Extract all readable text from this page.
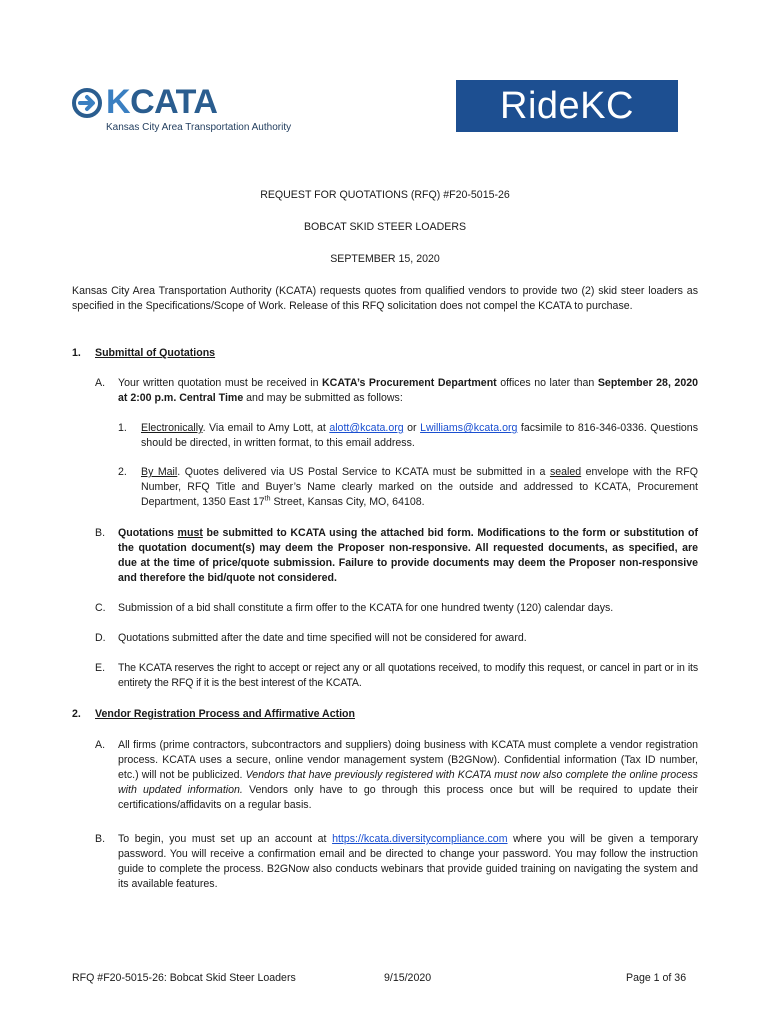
KCATA
Kansas City Area Transportation Authority
RideKC
REQUEST FOR QUOTATIONS (RFQ) #F20-5015-26
BOBCAT SKID STEER LOADERS
SEPTEMBER 15, 2020
Kansas City Area Transportation Authority (KCATA) requests quotes from qualified vendors to provide two (2) skid steer loaders as specified in the Specifications/Scope of Work. Release of this RFQ solicitation does not compel the KCATA to purchase.
1. Submittal of Quotations
A. Your written quotation must be received in KCATA’s Procurement Department offices no later than September 28, 2020 at 2:00 p.m. Central Time and may be submitted as follows:
1. Electronically. Via email to Amy Lott, at alott@kcata.org or Lwilliams@kcata.org facsimile to 816-346-0336. Questions should be directed, in written format, to this email address.
2. By Mail. Quotes delivered via US Postal Service to KCATA must be submitted in a sealed envelope with the RFQ Number, RFQ Title and Buyer’s Name clearly marked on the outside and addressed to KCATA, Procurement Department, 1350 East 17th Street, Kansas City, MO, 64108.
B. Quotations must be submitted to KCATA using the attached bid form. Modifications to the form or substitution of the quotation document(s) may deem the Proposer non-responsive. All requested documents, as specified, are due at the time of price/quote submission. Failure to provide documents may deem the Proposer non-responsive and therefore the bid/quote not considered.
C. Submission of a bid shall constitute a firm offer to the KCATA for one hundred twenty (120) calendar days.
D. Quotations submitted after the date and time specified will not be considered for award.
E. The KCATA reserves the right to accept or reject any or all quotations received, to modify this request, or cancel in part or in its entirety the RFQ if it is the best interest of the KCATA.
2. Vendor Registration Process and Affirmative Action
A. All firms (prime contractors, subcontractors and suppliers) doing business with KCATA must complete a vendor registration process. KCATA uses a secure, online vendor management system (B2GNow). Confidential information (Tax ID number, etc.) will not be publicized. Vendors that have previously registered with KCATA must now also complete the online process with updated information. Vendors only have to go through this process once but will be required to update their certifications/affidavits on a regular basis.
B. To begin, you must set up an account at https://kcata.diversitycompliance.com where you will be given a temporary password. You will receive a confirmation email and be directed to change your password. You may follow the instruction guide to complete the process. B2GNow also conducts webinars that provide guided training on navigating the system and its available features.
RFQ #F20-5015-26: Bobcat Skid Steer Loaders	9/15/2020	Page 1 of 36
